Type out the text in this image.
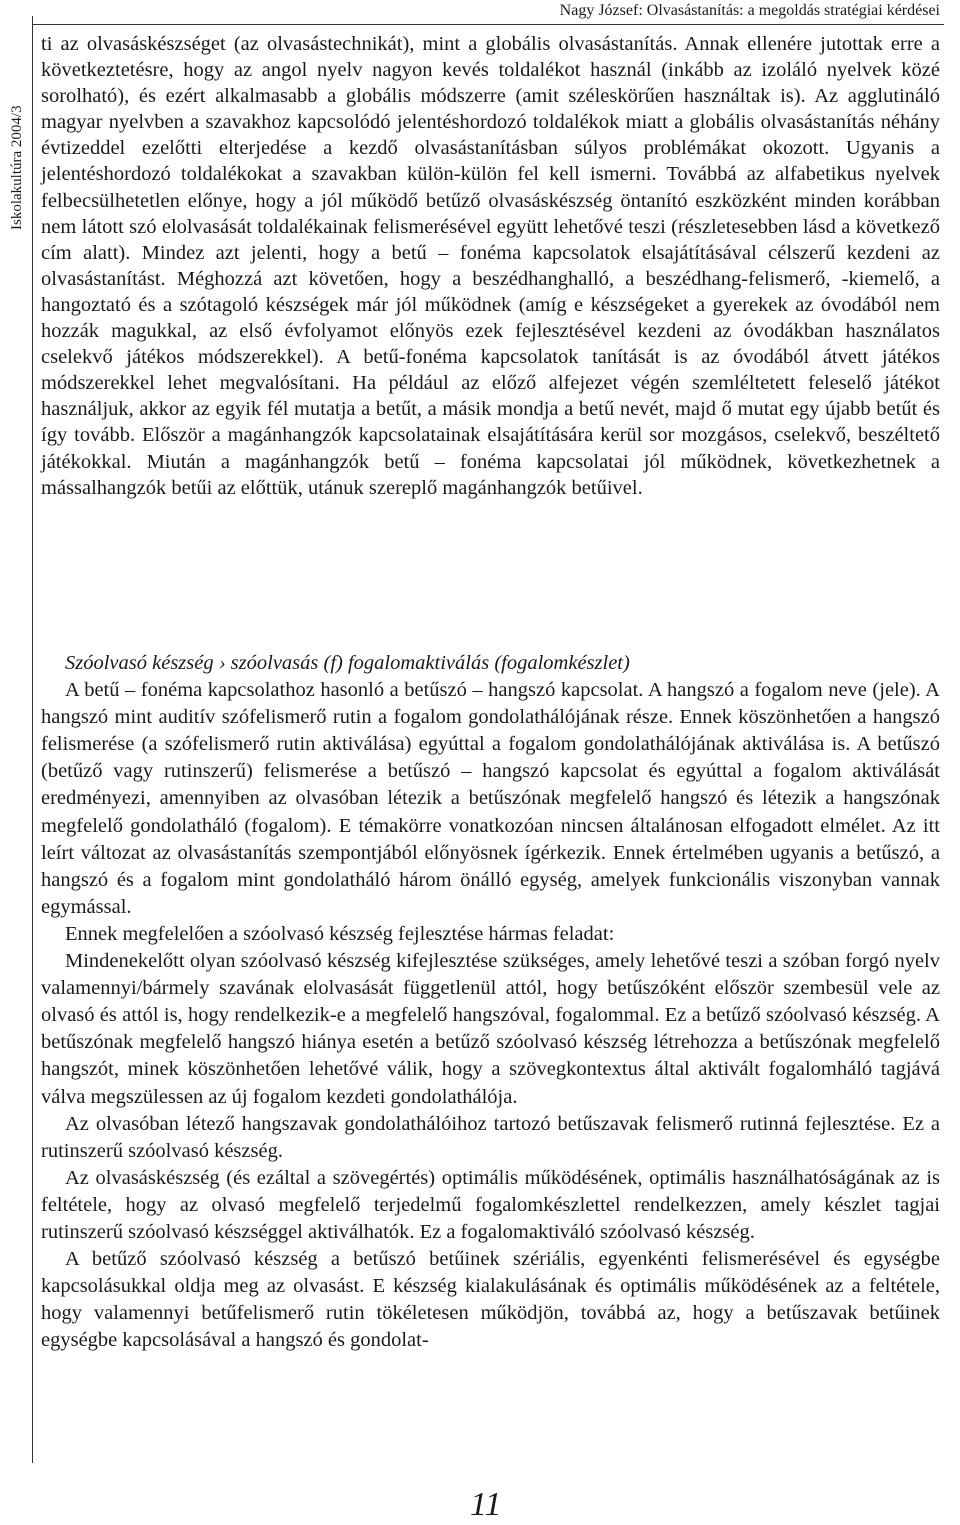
Iskolakultúra 2004/3
Nagy József: Olvasástanítás: a megoldás stratégiai kérdései

ti az olvasáskészséget (az olvasástechnikát), mint a globális olvasástanítás. Annak ellenére jutottak erre a következtetésre, hogy az angol nyelv nagyon kevés toldalékot használ (inkább az izoláló nyelvek közé sorolható), és ezért alkalmasabb a globális módszerre (amit széleskörűen használtak is). Az agglutináló magyar nyelvben a szavakhoz kapcsolódó jelentéshordozó toldalékok miatt a globális olvasástanítás néhány évtizeddel ezelőtti elterjedése a kezdő olvasástanításban súlyos problémákat okozott. Ugyanis a jelentéshordozó toldalékokat a szavakban külön-külön fel kell ismerni. Továbbá az alfabetikus nyelvek felbecsülhetetlen előnye, hogy a jól működő betűző olvasáskészség öntanító eszközként minden korábban nem látott szó elolvasását toldalékainak felismerésével együtt lehetővé teszi (részletesebben lásd a következő cím alatt). Mindez azt jelenti, hogy a betű – fonéma kapcsolatok elsajátításával célszerű kezdeni az olvasástanítást. Méghozzá azt követően, hogy a beszédhanghalló, a beszédhang-felismerő, -kiemelő, a hangoztató és a szótagoló készségek már jól működnek (amíg e készségeket a gyerekek az óvodából nem hozzák magukkal, az első évfolyamot előnyös ezek fejlesztésével kezdeni az óvodákban használatos cselekvő játékos módszerekkel). A betű-fonéma kapcsolatok tanítását is az óvodából átvett játékos módszerekkel lehet megvalósítani. Ha például az előző alfejezet végén szemléltetett feleselő játékot használjuk, akkor az egyik fél mutatja a betűt, a másik mondja a betű nevét, majd ő mutat egy újabb betűt és így tovább. Először a magánhangzók kapcsolatainak elsajátítására kerül sor mozgásos, cselekvő, beszéltető játékokkal. Miután a magánhangzók betű – fonéma kapcsolatai jól működnek, következhetnek a mássalhangzók betűi az előttük, utánuk szereplő magánhangzók betűivel.

Szóolvasó készség › szóolvasás (f) fogalomaktiválás (fogalomkészlet)

A betű – fonéma kapcsolathoz hasonló a betűszó – hangszó kapcsolat. A hangszó a fogalom neve (jele). A hangszó mint auditív szófelismerő rutin a fogalom gondolathálójának része. Ennek köszönhetően a hangszó felismerése (a szófelismerő rutin aktiválása) egyúttal a fogalom gondolathálójának aktiválása is. A betűszó (betűző vagy rutinszerű) felismerése a betűszó – hangszó kapcsolat és egyúttal a fogalom aktiválását eredményezi, amennyiben az olvasóban létezik a betűszónak megfelelő hangszó és létezik a hangszónak megfelelő gondolatháló (fogalom). E témakörre vonatkozóan nincsen általánosan elfogadott elmélet. Az itt leírt változat az olvasástanítás szempontjából előnyösnek ígérkezik. Ennek értelmében ugyanis a betűszó, a hangszó és a fogalom mint gondolatháló három önálló egység, amelyek funkcionális viszonyban vannak egymással.

Ennek megfelelően a szóolvasó készség fejlesztése hármas feladat:

Mindenekelőtt olyan szóolvasó készség kifejlesztése szükséges, amely lehetővé teszi a szóban forgó nyelv valamennyi/bármely szavának elolvasását függetlenül attól, hogy betűszóként először szembesül vele az olvasó és attól is, hogy rendelkezik-e a megfelelő hangszóval, fogalommal. Ez a betűző szóolvasó készség. A betűszónak megfelelő hangszó hiánya esetén a betűző szóolvasó készség létrehozza a betűszónak megfelelő hangszót, minek köszönhetően lehetővé válik, hogy a szövegkontextus által aktivált fogalomháló tagjává válva megszülessen az új fogalom kezdeti gondolathálója.

Az olvasóban létező hangszavak gondolathálóihoz tartozó betűszavak felismerő rutinná fejlesztése. Ez a rutinszerű szóolvasó készség.

Az olvasáskészség (és ezáltal a szövegértés) optimális működésének, optimális használhatóságának az is feltétele, hogy az olvasó megfelelő terjedelmű fogalomkészlettel rendelkezzen, amely készlet tagjai rutinszerű szóolvasó készséggel aktiválhatók. Ez a fogalomaktiváló szóolvasó készség.

A betűző szóolvasó készség a betűszó betűinek szériális, egyenkénti felismerésével és egységbe kapcsolásukkal oldja meg az olvasást. E készség kialakulásának és optimális működésének az a feltétele, hogy valamennyi betűfelismerő rutin tökéletesen működjön, továbbá az, hogy a betűszavak betűinek egységbe kapcsolásával a hangszó és gondolat-

11
